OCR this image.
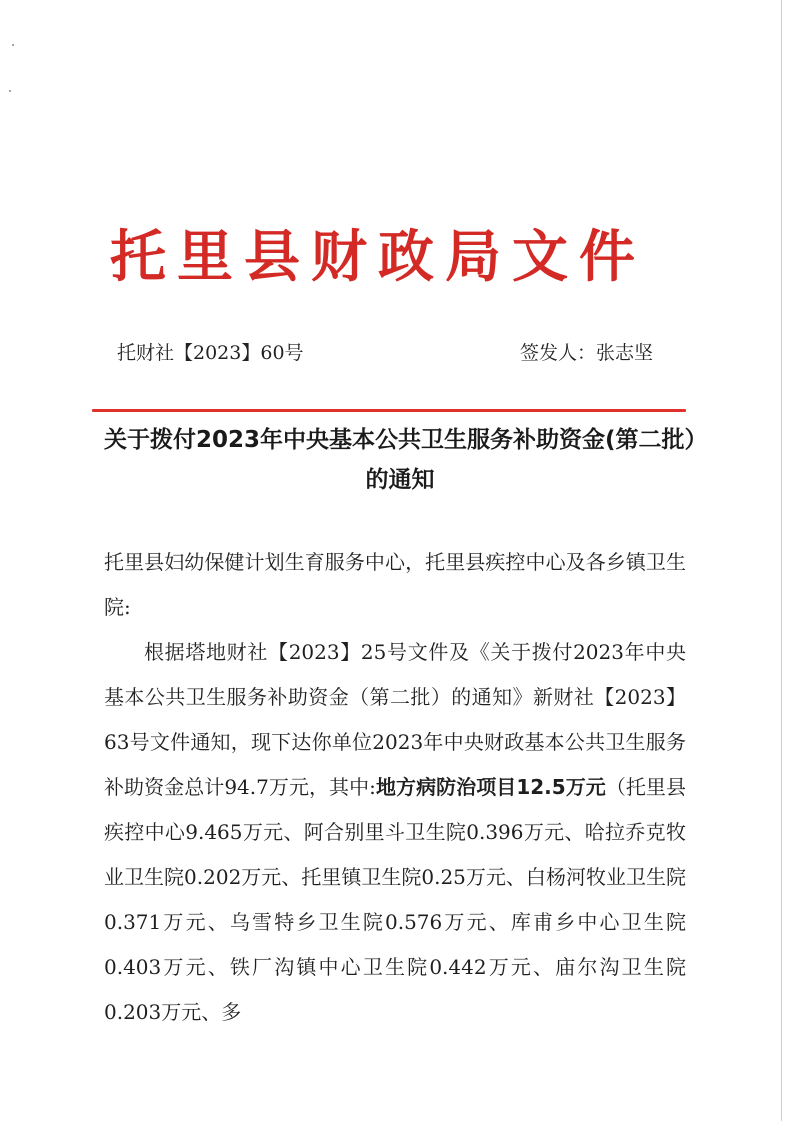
托里县财政局文件
托财社【2023】60号	签发人：张志坚
关于拨付2023年中央基本公共卫生服务补助资金(第二批）的通知

托里县妇幼保健计划生育服务中心，托里县疾控中心及各乡镇卫生院:

根据塔地财社【2023】25号文件及《关于拨付2023年中央基本公共卫生服务补助资金（第二批）的通知》新财社【2023】63号文件通知，现下达你单位2023年中央财政基本公共卫生服务补助资金总计94.7万元，其中:地方病防治项目12.5万元（托里县疾控中心9.465万元、阿合别里斗卫生院0.396万元、哈拉乔克牧业卫生院0.202万元、托里镇卫生院0.25万元、白杨河牧业卫生院0.371万元、乌雪特乡卫生院0.576万元、库甫乡中心卫生院0.403万元、铁厂沟镇中心卫生院0.442万元、庙尔沟卫生院0.203万元、多
